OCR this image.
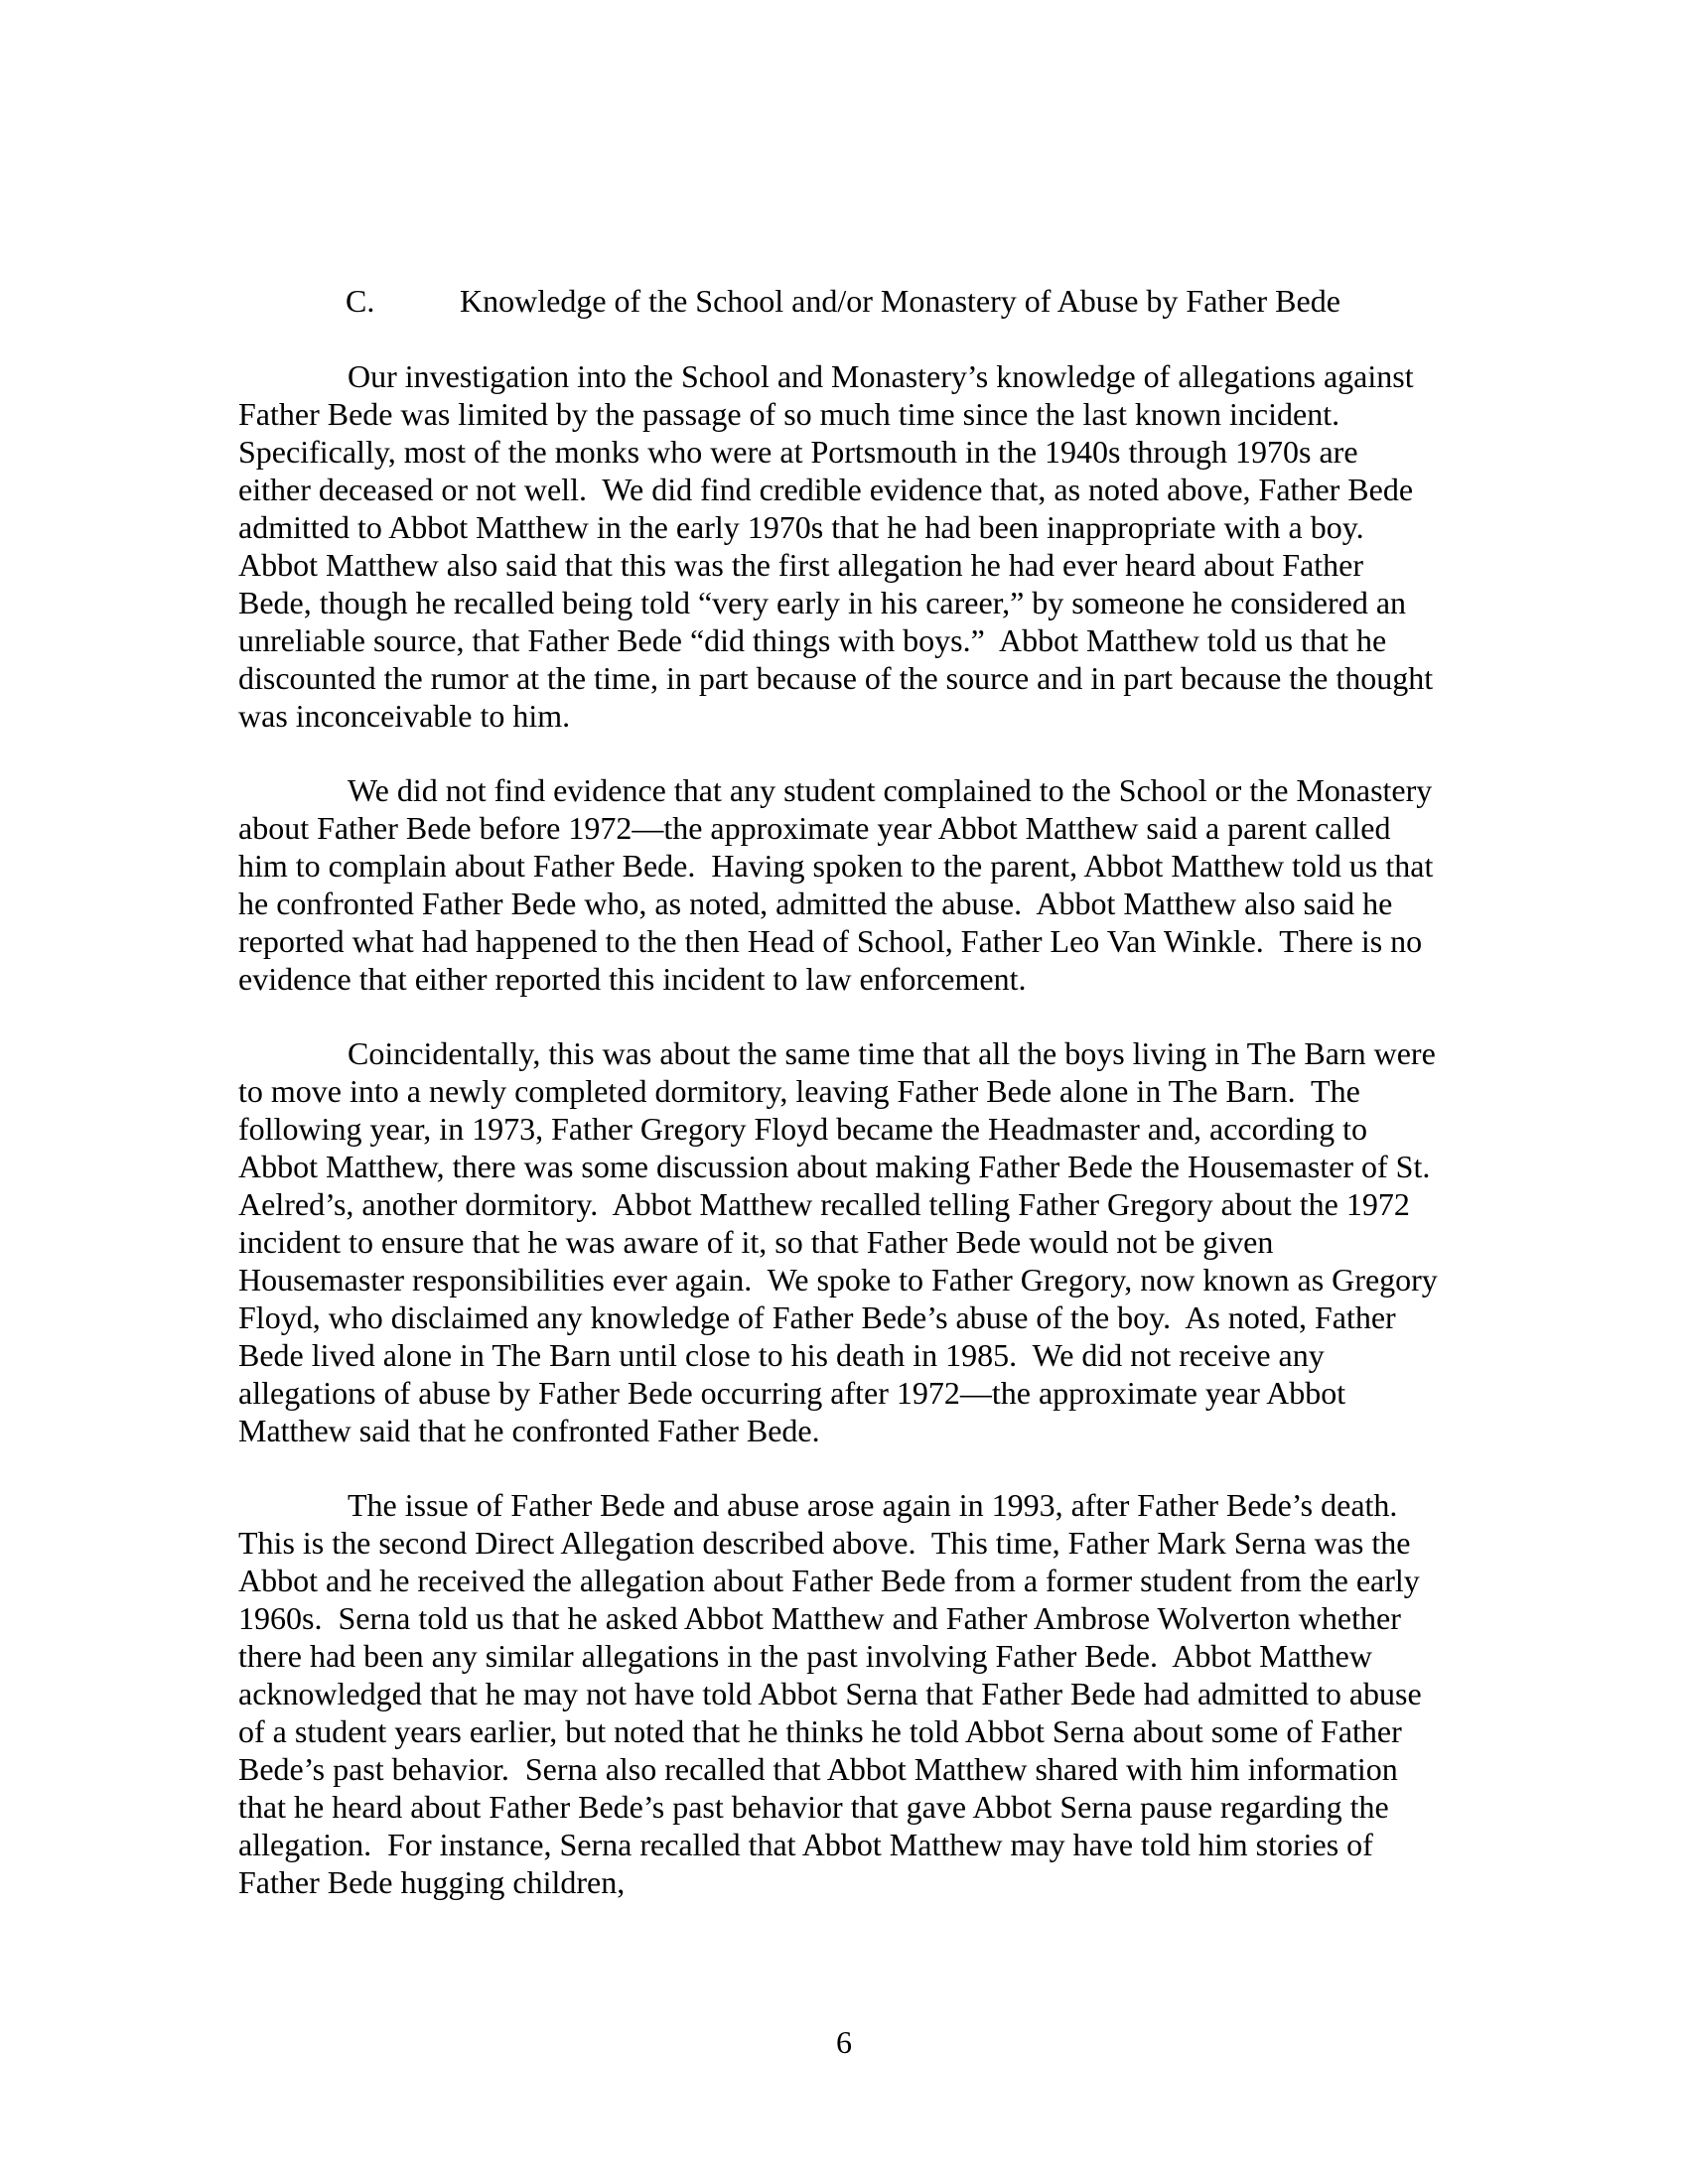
C.	Knowledge of the School and/or Monastery of Abuse by Father Bede

Our investigation into the School and Monastery’s knowledge of allegations against Father Bede was limited by the passage of so much time since the last known incident.  Specifically, most of the monks who were at Portsmouth in the 1940s through 1970s are either deceased or not well.  We did find credible evidence that, as noted above, Father Bede admitted to Abbot Matthew in the early 1970s that he had been inappropriate with a boy.  Abbot Matthew also said that this was the first allegation he had ever heard about Father Bede, though he recalled being told “very early in his career,” by someone he considered an unreliable source, that Father Bede “did things with boys.”  Abbot Matthew told us that he discounted the rumor at the time, in part because of the source and in part because the thought was inconceivable to him.

We did not find evidence that any student complained to the School or the Monastery about Father Bede before 1972—the approximate year Abbot Matthew said a parent called him to complain about Father Bede.  Having spoken to the parent, Abbot Matthew told us that he confronted Father Bede who, as noted, admitted the abuse.  Abbot Matthew also said he reported what had happened to the then Head of School, Father Leo Van Winkle.  There is no evidence that either reported this incident to law enforcement.

Coincidentally, this was about the same time that all the boys living in The Barn were to move into a newly completed dormitory, leaving Father Bede alone in The Barn.  The following year, in 1973, Father Gregory Floyd became the Headmaster and, according to Abbot Matthew, there was some discussion about making Father Bede the Housemaster of St. Aelred’s, another dormitory.  Abbot Matthew recalled telling Father Gregory about the 1972 incident to ensure that he was aware of it, so that Father Bede would not be given Housemaster responsibilities ever again.  We spoke to Father Gregory, now known as Gregory Floyd, who disclaimed any knowledge of Father Bede’s abuse of the boy.  As noted, Father Bede lived alone in The Barn until close to his death in 1985.  We did not receive any allegations of abuse by Father Bede occurring after 1972—the approximate year Abbot Matthew said that he confronted Father Bede.

The issue of Father Bede and abuse arose again in 1993, after Father Bede’s death.  This is the second Direct Allegation described above.  This time, Father Mark Serna was the Abbot and he received the allegation about Father Bede from a former student from the early 1960s.  Serna told us that he asked Abbot Matthew and Father Ambrose Wolverton whether there had been any similar allegations in the past involving Father Bede.  Abbot Matthew acknowledged that he may not have told Abbot Serna that Father Bede had admitted to abuse of a student years earlier, but noted that he thinks he told Abbot Serna about some of Father Bede’s past behavior.  Serna also recalled that Abbot Matthew shared with him information that he heard about Father Bede’s past behavior that gave Abbot Serna pause regarding the allegation.  For instance, Serna recalled that Abbot Matthew may have told him stories of Father Bede hugging children,

6
